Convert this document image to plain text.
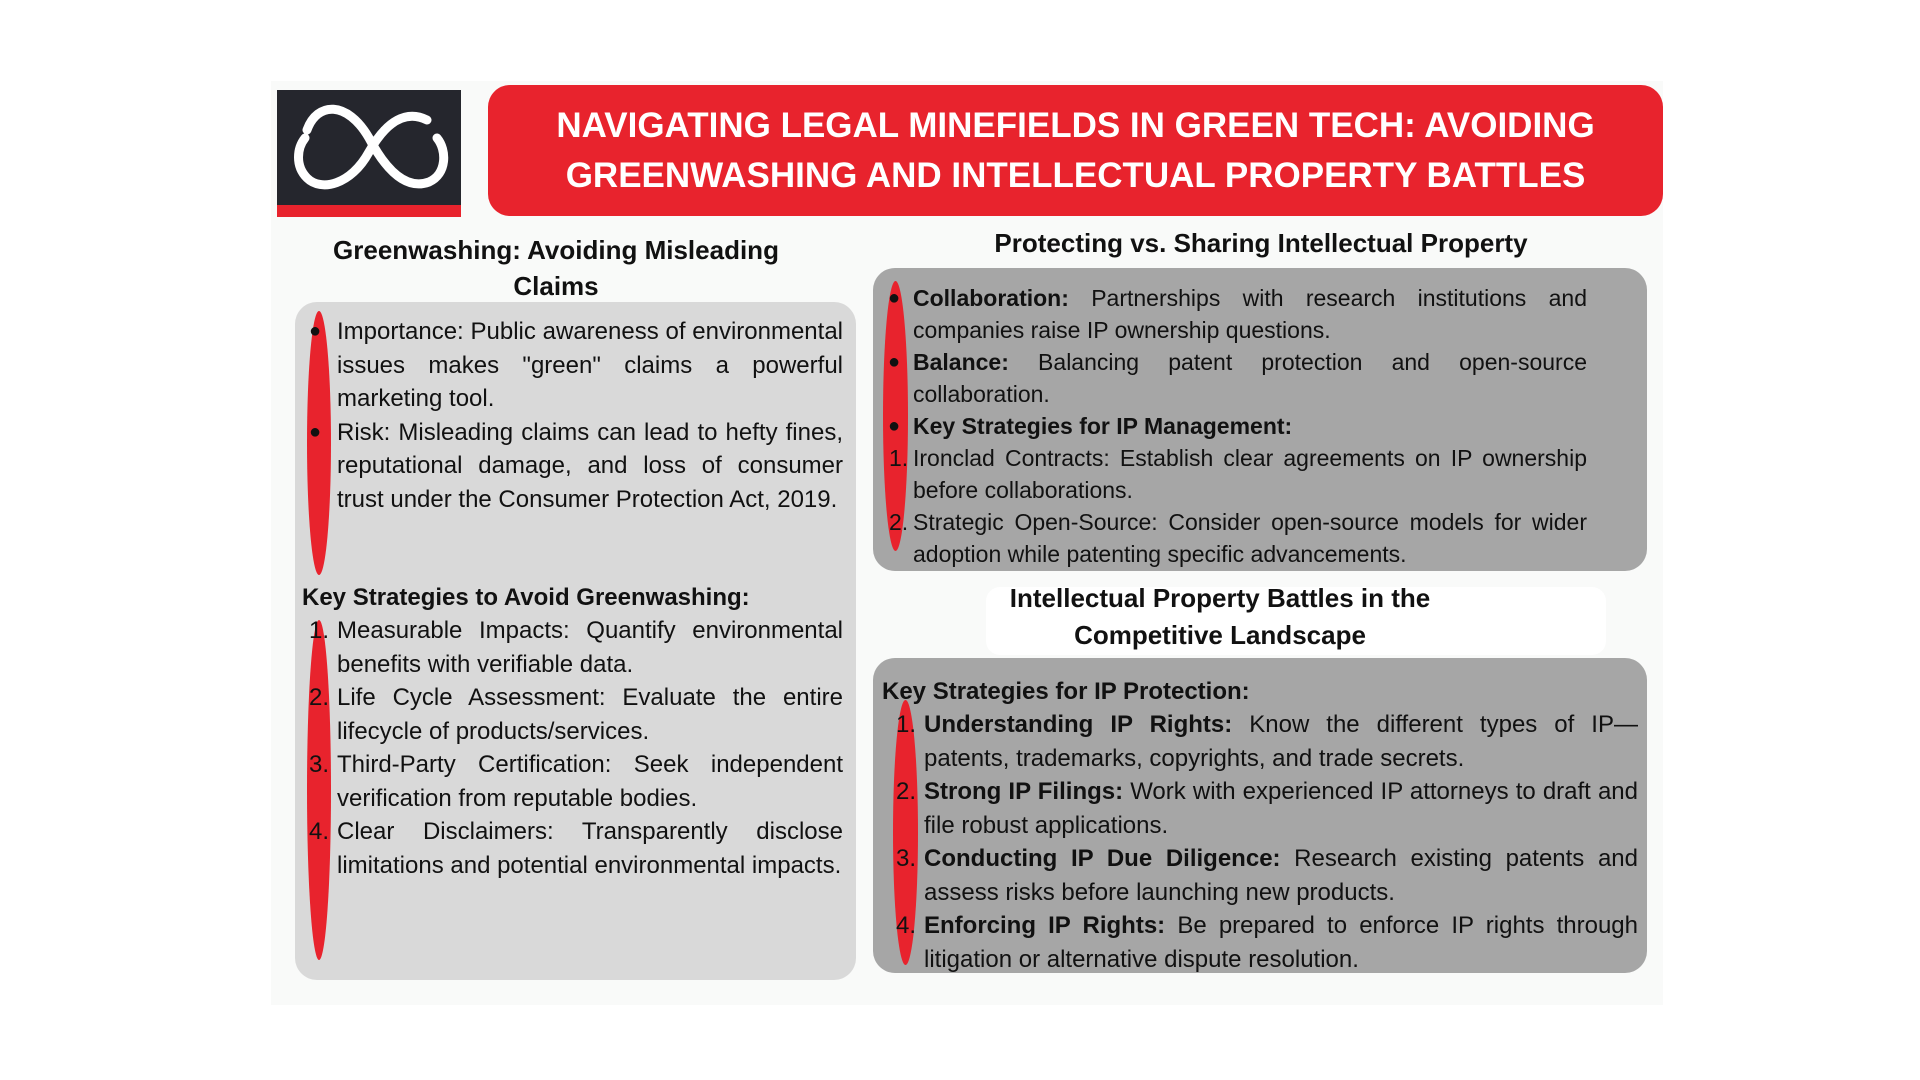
NAVIGATING LEGAL MINEFIELDS IN GREEN TECH: AVOIDING
GREENWASHING AND INTELLECTUAL PROPERTY BATTLES
Greenwashing: Avoiding Misleading
Claims
● Importance: Public awareness of environmental issues makes "green" claims a powerful marketing tool.
● Risk: Misleading claims can lead to hefty fines, reputational damage, and loss of consumer trust under the Consumer Protection Act, 2019.
Key Strategies to Avoid Greenwashing:
1. Measurable Impacts: Quantify environmental benefits with verifiable data.
2. Life Cycle Assessment: Evaluate the entire lifecycle of products/services.
3. Third-Party Certification: Seek independent verification from reputable bodies.
4. Clear Disclaimers: Transparently disclose limitations and potential environmental impacts.
Protecting vs. Sharing Intellectual Property
● Collaboration: Partnerships with research institutions and companies raise IP ownership questions.
● Balance: Balancing patent protection and open-source collaboration.
● Key Strategies for IP Management:
1. Ironclad Contracts: Establish clear agreements on IP ownership before collaborations.
2. Strategic Open-Source: Consider open-source models for wider adoption while patenting specific advancements.
Intellectual Property Battles in the
Competitive Landscape
Key Strategies for IP Protection:
1. Understanding IP Rights: Know the different types of IP—patents, trademarks, copyrights, and trade secrets.
2. Strong IP Filings: Work with experienced IP attorneys to draft and file robust applications.
3. Conducting IP Due Diligence: Research existing patents and assess risks before launching new products.
4. Enforcing IP Rights: Be prepared to enforce IP rights through litigation or alternative dispute resolution.
